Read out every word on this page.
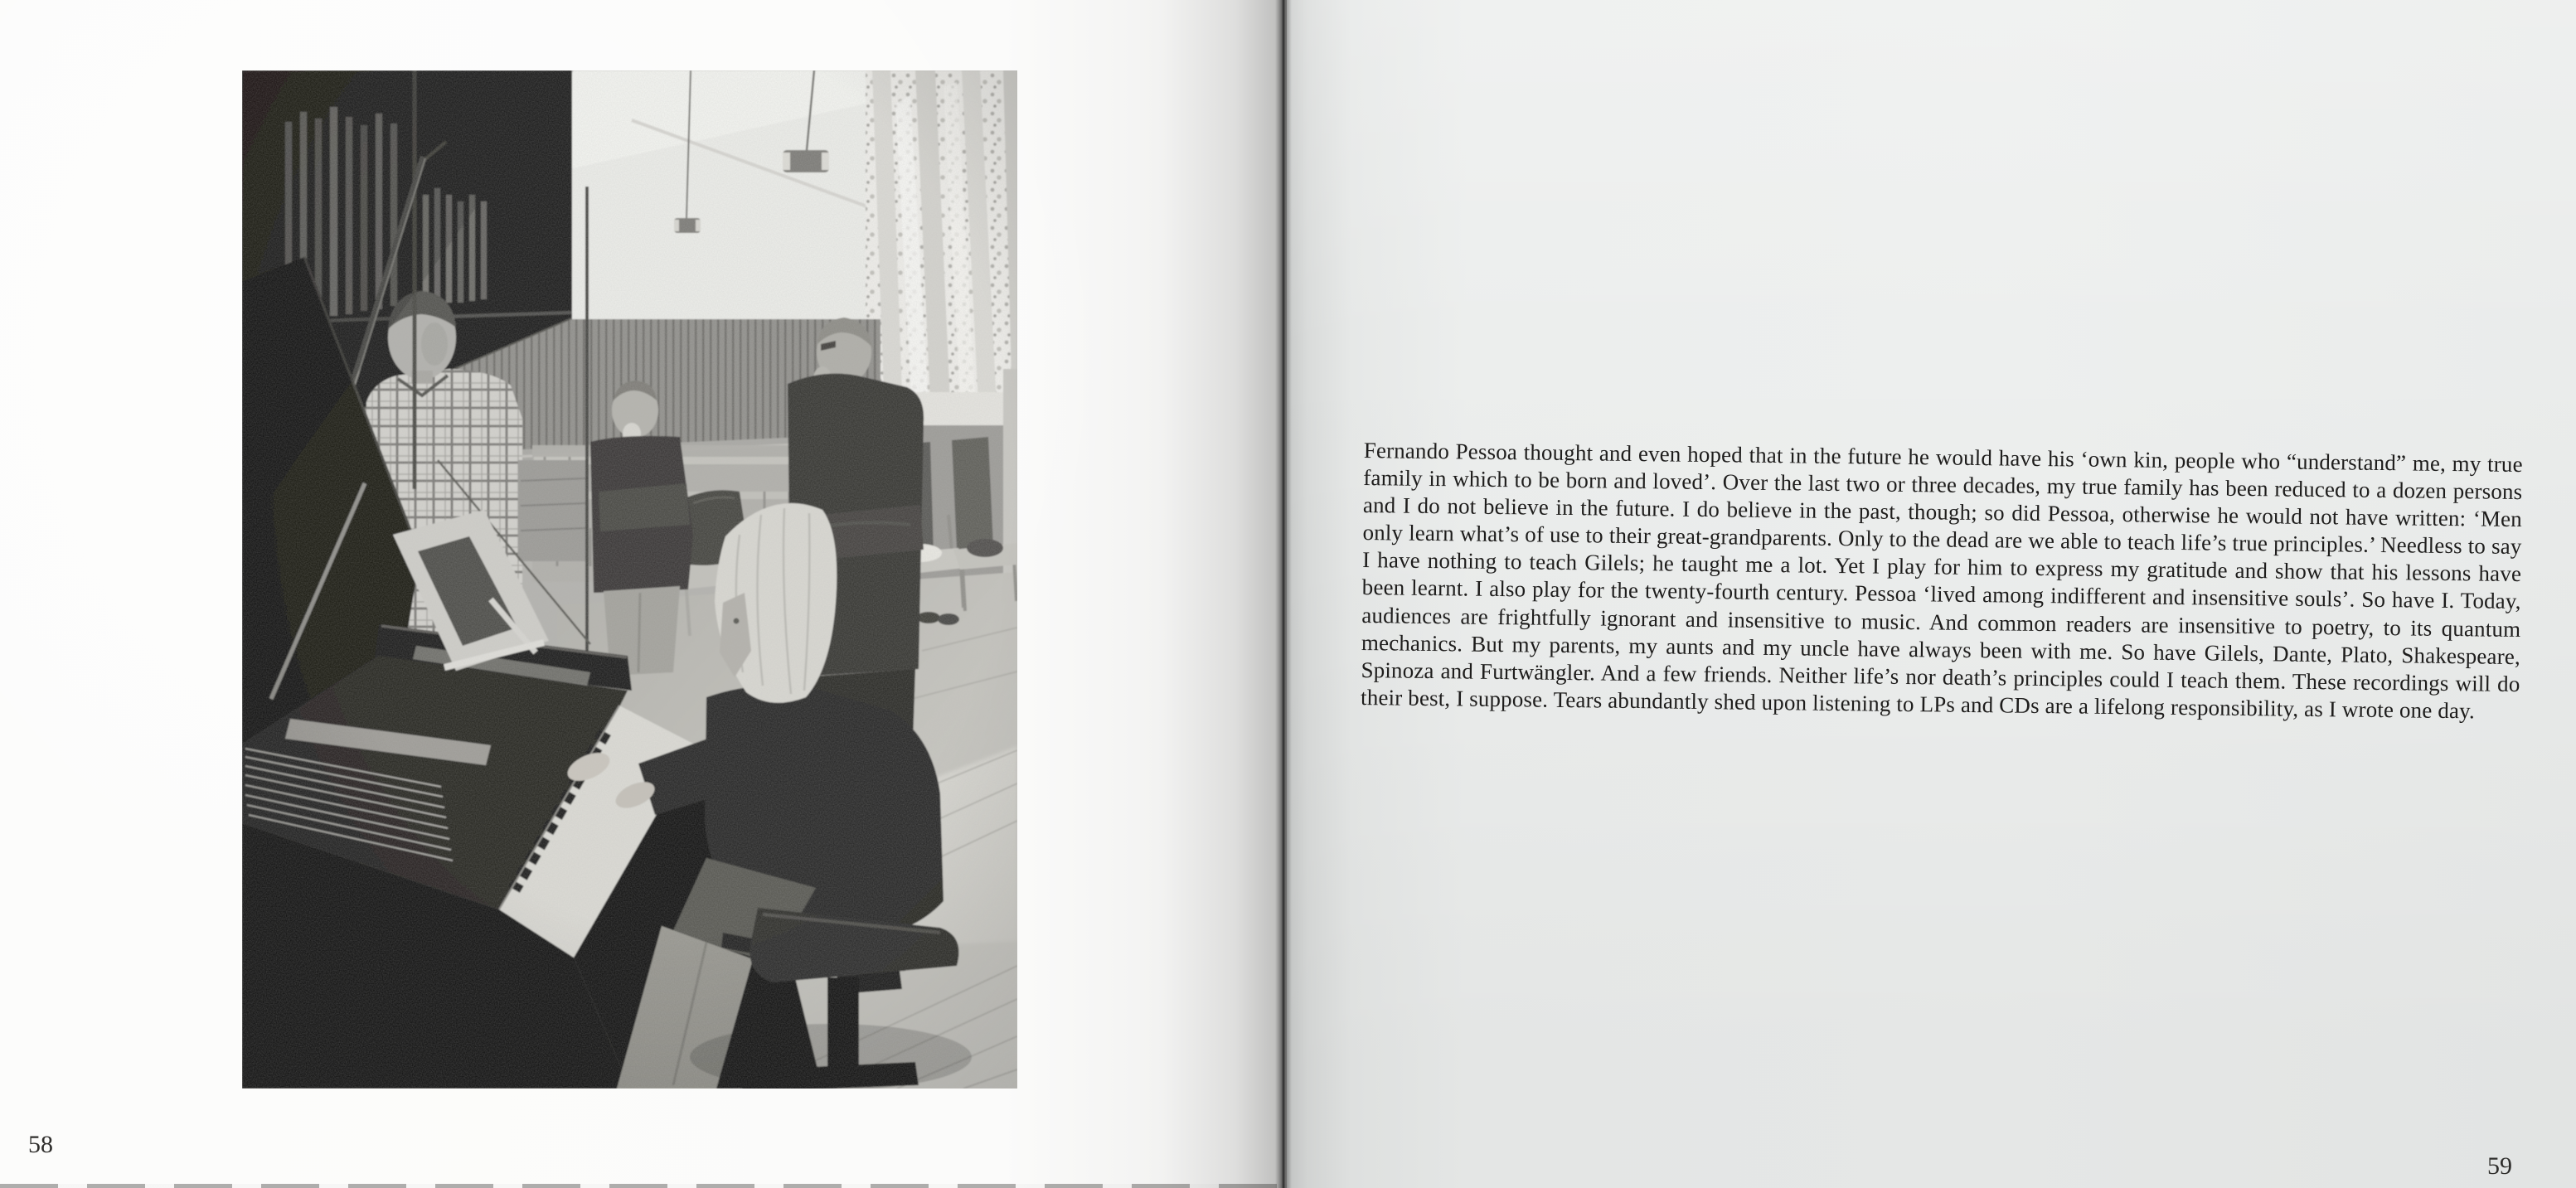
58

Fernando Pessoa thought and even hoped that in the future he would have his ‘own kin, people who “understand” me, my true family in which to be born and loved’. Over the last two or three decades, my true family has been reduced to a dozen persons and I do not believe in the future. I do believe in the past, though; so did Pessoa, otherwise he would not have written: ‘Men only learn what’s of use to their great-grandparents. Only to the dead are we able to teach life’s true principles.’ Needless to say I have nothing to teach Gilels; he taught me a lot. Yet I play for him to express my gratitude and show that his lessons have been learnt. I also play for the twenty-fourth century. Pessoa ‘lived among indifferent and insensitive souls’. So have I. Today, audiences are frightfully ignorant and insensitive to music. And common readers are insensitive to poetry, to its quantum mechanics. But my parents, my aunts and my uncle have always been with me. So have Gilels, Dante, Plato, Shakespeare, Spinoza and Furtwängler. And a few friends. Neither life’s nor death’s principles could I teach them. These recordings will do their best, I suppose. Tears abundantly shed upon listening to LPs and CDs are a lifelong responsibility, as I wrote one day.

59
